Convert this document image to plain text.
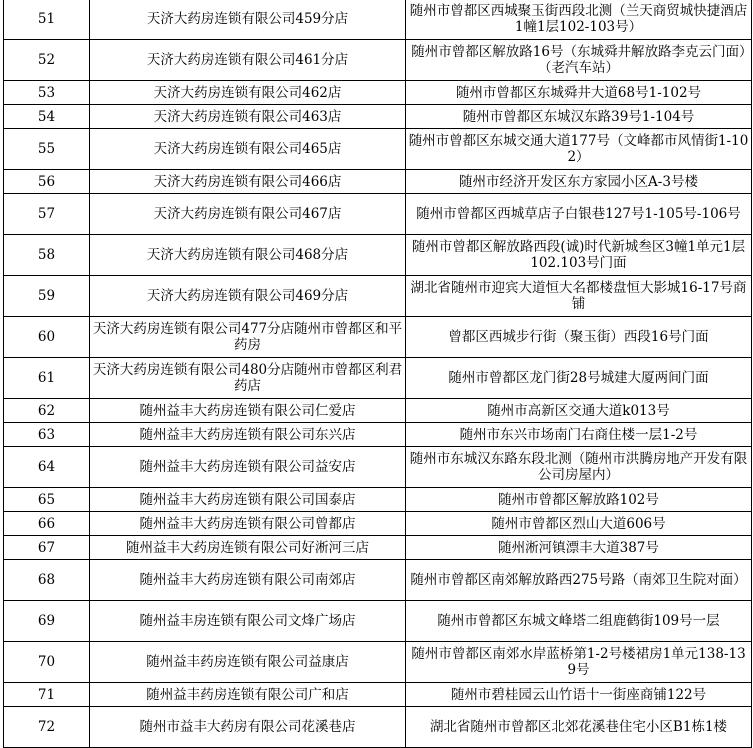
51	天济大药房连锁有限公司459分店	随州市曾都区西城聚玉街西段北测（兰天商贸城快捷酒店1幢1层102-103号）
52	天济大药房连锁有限公司461分店	随州市曾都区解放路16号（东城舜井解放路李克云门面）（老汽车站）
53	天济大药房连锁有限公司462店	随州市曾都区东城舜井大道68号1-102号
54	天济大药房连锁有限公司463店	随州市曾都区东城汉东路39号1-104号
55	天济大药房连锁有限公司465店	随州市曾都区东城交通大道177号（文峰都市风情街1-102）
56	天济大药房连锁有限公司466店	随州市经济开发区东方家园小区A-3号楼
57	天济大药房连锁有限公司467店	随州市曾都区西城草店子白银巷127号1-105号-106号
58	天济大药房连锁有限公司468分店	随州市曾都区解放路西段(诚)时代新城叁区3幢1单元1层102.103号门面
59	天济大药房连锁有限公司469分店	湖北省随州市迎宾大道恒大名都楼盘恒大影城16-17号商铺
60	天济大药房连锁有限公司477分店随州市曾都区和平药房	曾都区西城步行街（聚玉街）西段16号门面
61	天济大药房连锁有限公司480分店随州市曾都区利君药店	随州市曾都区龙门街28号城建大厦两间门面
62	随州益丰大药房连锁有限公司仁爱店	随州市高新区交通大道k013号
63	随州益丰大药房连锁有限公司东兴店	随州市东兴市场南门右商住楼一层1-2号
64	随州益丰大药房连锁有限公司益安店	随州市东城汉东路东段北测（随州市洪腾房地产开发有限公司房屋内）
65	随州益丰大药房连锁有限公司国泰店	随州市曾都区解放路102号
66	随州益丰大药房连锁有限公司曾都店	随州市曾都区烈山大道606号
67	随州益丰大药房连锁有限公司好淅河三店	随州淅河镇漂丰大道387号
68	随州益丰大药房连锁有限公司南郊店	随州市曾都区南郊解放路西275号路（南郊卫生院对面）
69	随州益丰房连锁有限公司文烽广场店	随州市曾都区东城文峰塔二组鹿鹤街109号一层
70	随州益丰药房连锁有限公司益康店	随州市曾都区南郊水岸蓝桥第1-2号楼裙房1单元138-139号
71	随州益丰药房连锁有限公司广和店	随州市碧桂园云山竹语十一街座商铺122号
72	随州市益丰大药房有限公司花溪巷店	湖北省随州市曾都区北郊花溪巷住宅小区B1栋1楼
